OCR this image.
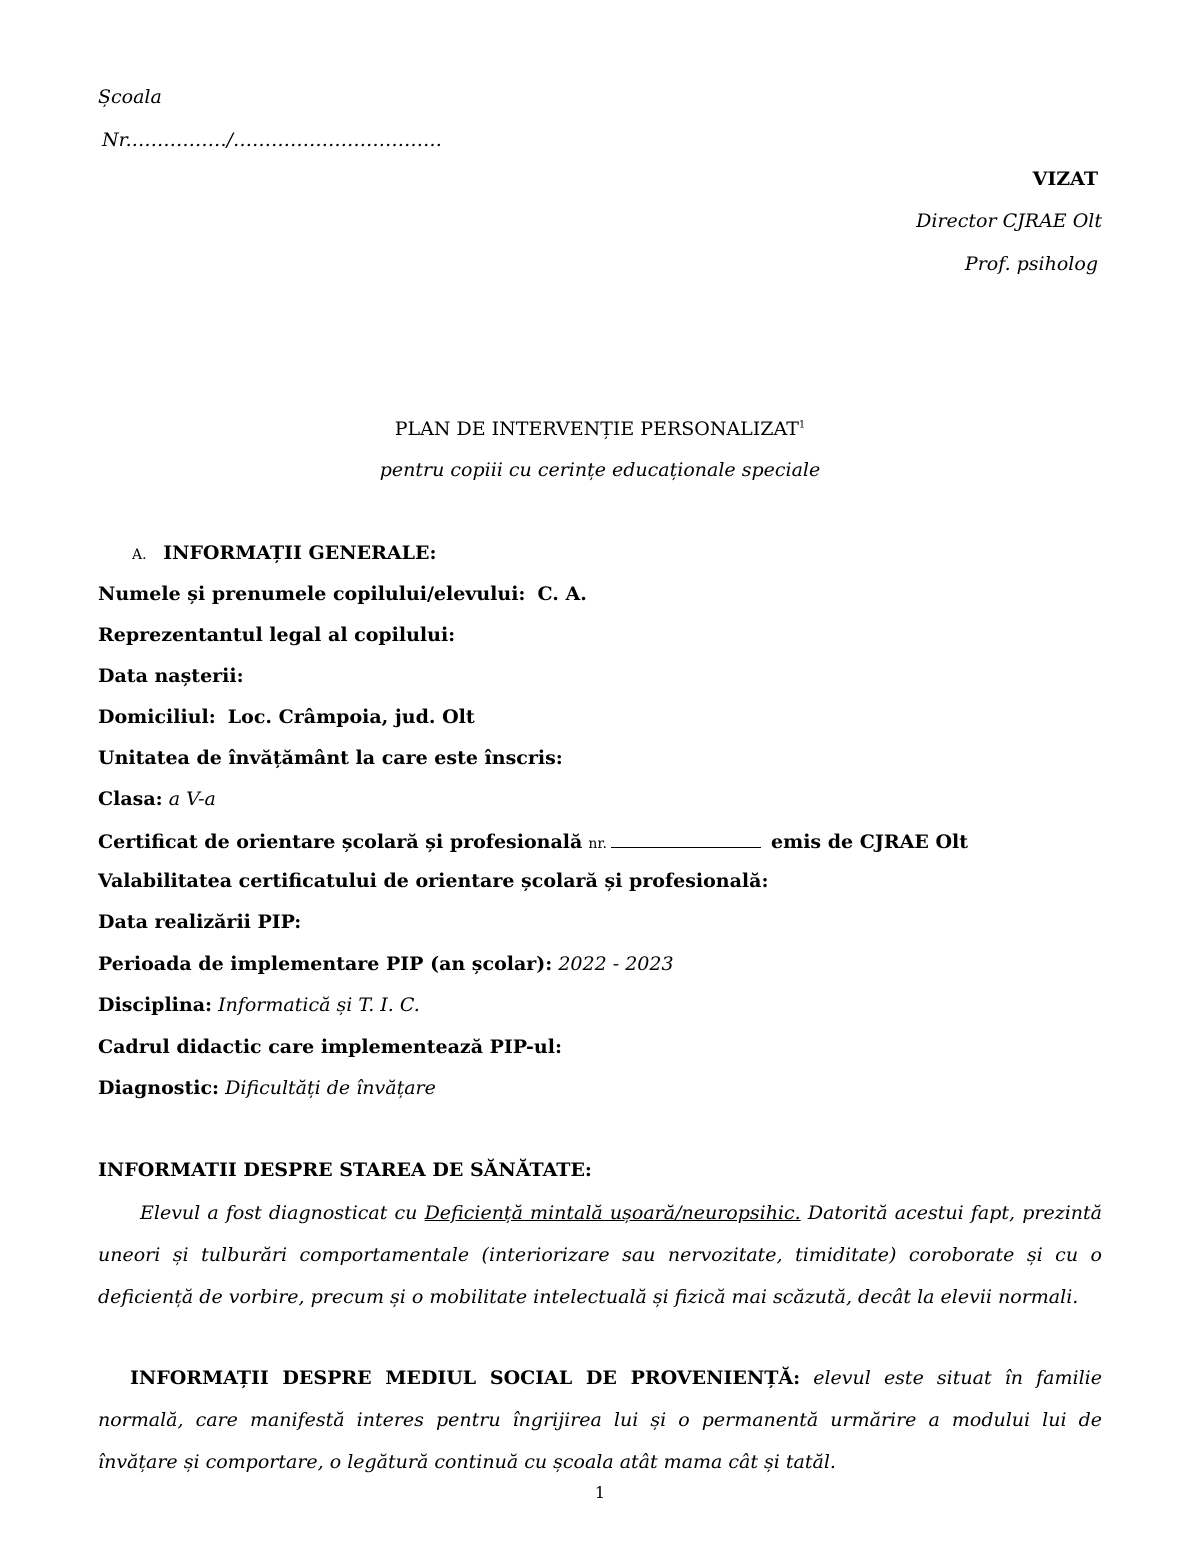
Școala
Nr.……………/……………………………
VIZAT
Director CJRAE Olt
Prof. psiholog
PLAN DE INTERVENȚIE PERSONALIZAT$^1$
pentru copiii cu cerințe educaționale speciale
A. INFORMAȚII GENERALE:
Numele și prenumele copilului/elevului: C. A.
Reprezentantul legal al copilului:
Data nașterii:
Domiciliul: Loc. Crâmpoia, jud. Olt
Unitatea de învățământ la care este înscris:
Clasa: a V-a
Certificat de orientare școlară și profesională nr.	emis de CJRAE Olt
Valabilitatea certificatului de orientare școlară și profesională:
Data realizării PIP:
Perioada de implementare PIP (an școlar): 2022 - 2023
Disciplina: Informatică și T. I. C.
Cadrul didactic care implementează PIP-ul:
Diagnostic: Dificultăți de învățare
INFORMATII DESPRE STAREA DE SĂNĂTATE:
Elevul a fost diagnosticat cu Deficiență mintală ușoară/neuropsihic. Datorită acestui fapt, prezintă uneori și tulburări comportamentale (interiorizare sau nervozitate, timiditate) coroborate și cu o deficiență de vorbire, precum și o mobilitate intelectuală și fizică mai scăzută, decât la elevii normali.
INFORMAȚII DESPRE MEDIUL SOCIAL DE PROVENIENȚĂ: elevul este situat în familie normală, care manifestă interes pentru îngrijirea lui și o permanentă urmărire a modului lui de învățare și comportare, o legătură continuă cu școala atât mama cât și tatăl.
1
